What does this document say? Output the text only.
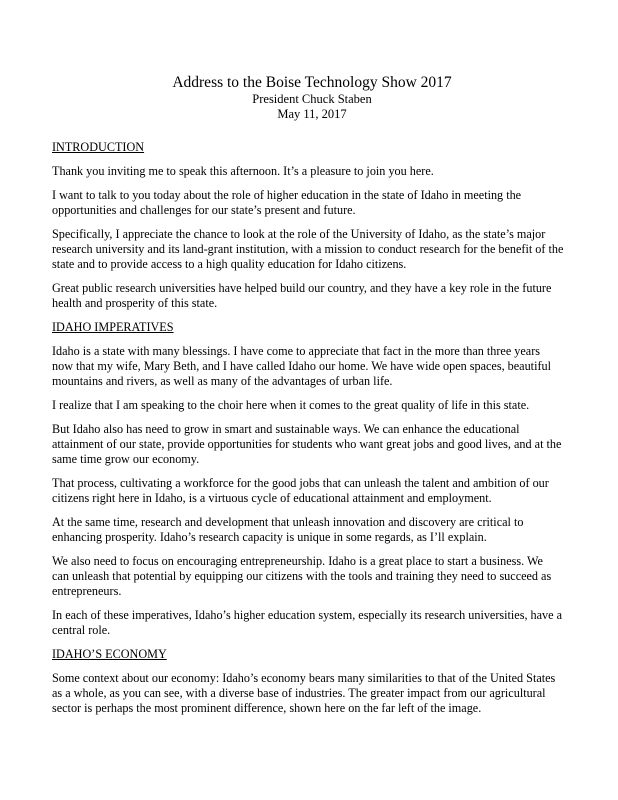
Address to the Boise Technology Show 2017
President Chuck Staben
May 11, 2017
INTRODUCTION

Thank you inviting me to speak this afternoon. It’s a pleasure to join you here.

I want to talk to you today about the role of higher education in the state of Idaho in meeting the
opportunities and challenges for our state’s present and future.

Specifically, I appreciate the chance to look at the role of the University of Idaho, as the state’s major
research university and its land-grant institution, with a mission to conduct research for the benefit of the
state and to provide access to a high quality education for Idaho citizens.

Great public research universities have helped build our country, and they have a key role in the future
health and prosperity of this state.

IDAHO IMPERATIVES

Idaho is a state with many blessings. I have come to appreciate that fact in the more than three years
now that my wife, Mary Beth, and I have called Idaho our home. We have wide open spaces, beautiful
mountains and rivers, as well as many of the advantages of urban life.

I realize that I am speaking to the choir here when it comes to the great quality of life in this state.

But Idaho also has need to grow in smart and sustainable ways. We can enhance the educational
attainment of our state, provide opportunities for students who want great jobs and good lives, and at the
same time grow our economy.

That process, cultivating a workforce for the good jobs that can unleash the talent and ambition of our
citizens right here in Idaho, is a virtuous cycle of educational attainment and employment.

At the same time, research and development that unleash innovation and discovery are critical to
enhancing prosperity. Idaho’s research capacity is unique in some regards, as I’ll explain.

We also need to focus on encouraging entrepreneurship. Idaho is a great place to start a business. We
can unleash that potential by equipping our citizens with the tools and training they need to succeed as
entrepreneurs.

In each of these imperatives, Idaho’s higher education system, especially its research universities, have a
central role.

IDAHO’S ECONOMY

Some context about our economy: Idaho’s economy bears many similarities to that of the United States
as a whole, as you can see, with a diverse base of industries. The greater impact from our agricultural
sector is perhaps the most prominent difference, shown here on the far left of the image.
